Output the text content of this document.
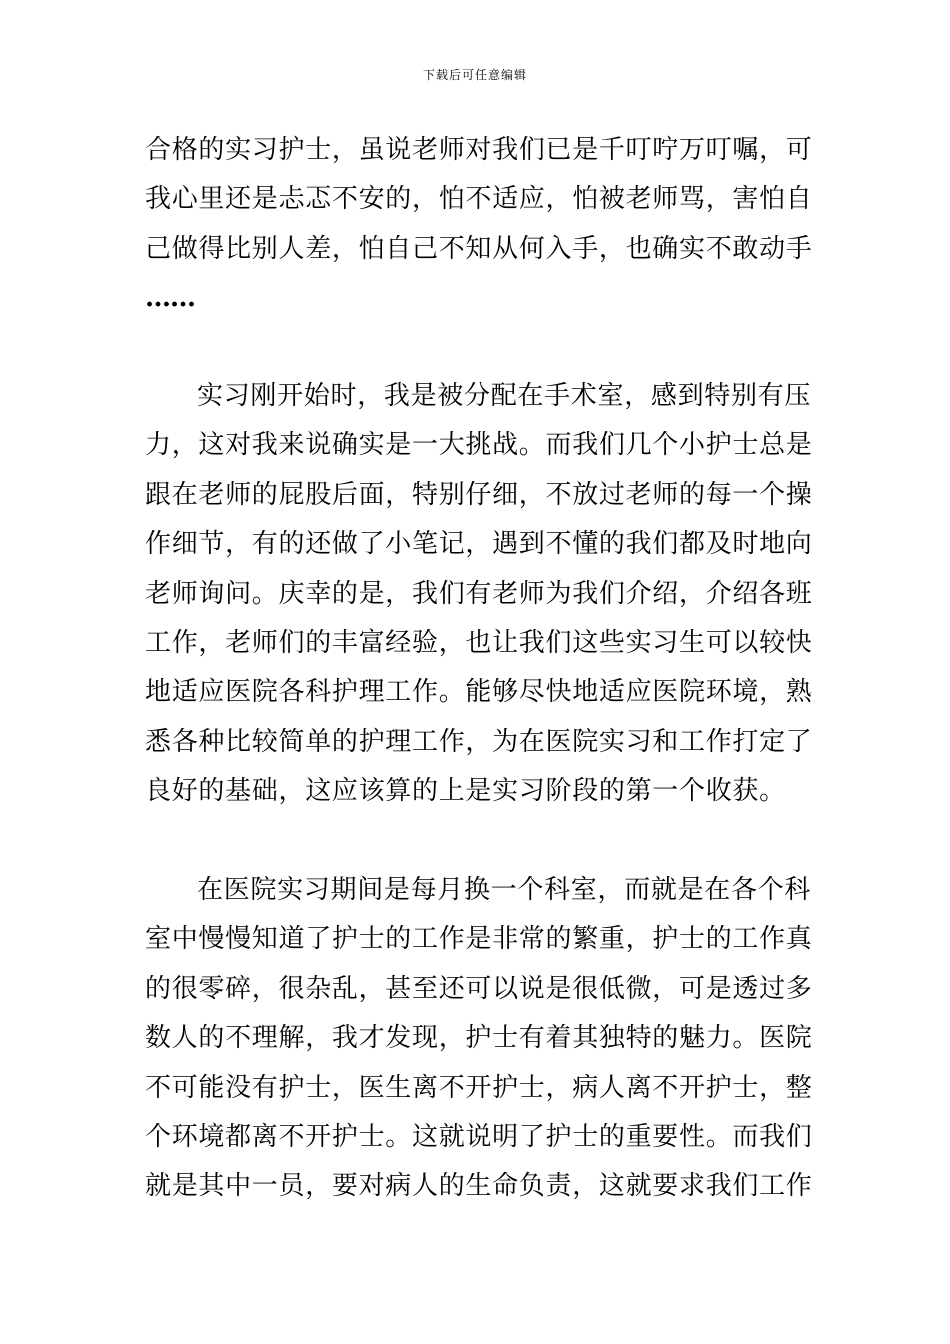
下载后可任意编辑
合格的实习护士，虽说老师对我们已是千叮咛万叮嘱，可
我心里还是忐忑不安的，怕不适应，怕被老师骂，害怕自
己做得比别人差，怕自己不知从何入手，也确实不敢动手
……
实习刚开始时，我是被分配在手术室，感到特别有压
力，这对我来说确实是一大挑战。而我们几个小护士总是
跟在老师的屁股后面，特别仔细，不放过老师的每一个操
作细节，有的还做了小笔记，遇到不懂的我们都及时地向
老师询问。庆幸的是，我们有老师为我们介绍，介绍各班
工作，老师们的丰富经验，也让我们这些实习生可以较快
地适应医院各科护理工作。能够尽快地适应医院环境，熟
悉各种比较简单的护理工作，为在医院实习和工作打定了
良好的基础，这应该算的上是实习阶段的第一个收获。
在医院实习期间是每月换一个科室，而就是在各个科
室中慢慢知道了护士的工作是非常的繁重，护士的工作真
的很零碎，很杂乱，甚至还可以说是很低微，可是透过多
数人的不理解，我才发现，护士有着其独特的魅力。医院
不可能没有护士，医生离不开护士，病人离不开护士，整
个环境都离不开护士。这就说明了护士的重要性。而我们
就是其中一员，要对病人的生命负责，这就要求我们工作
